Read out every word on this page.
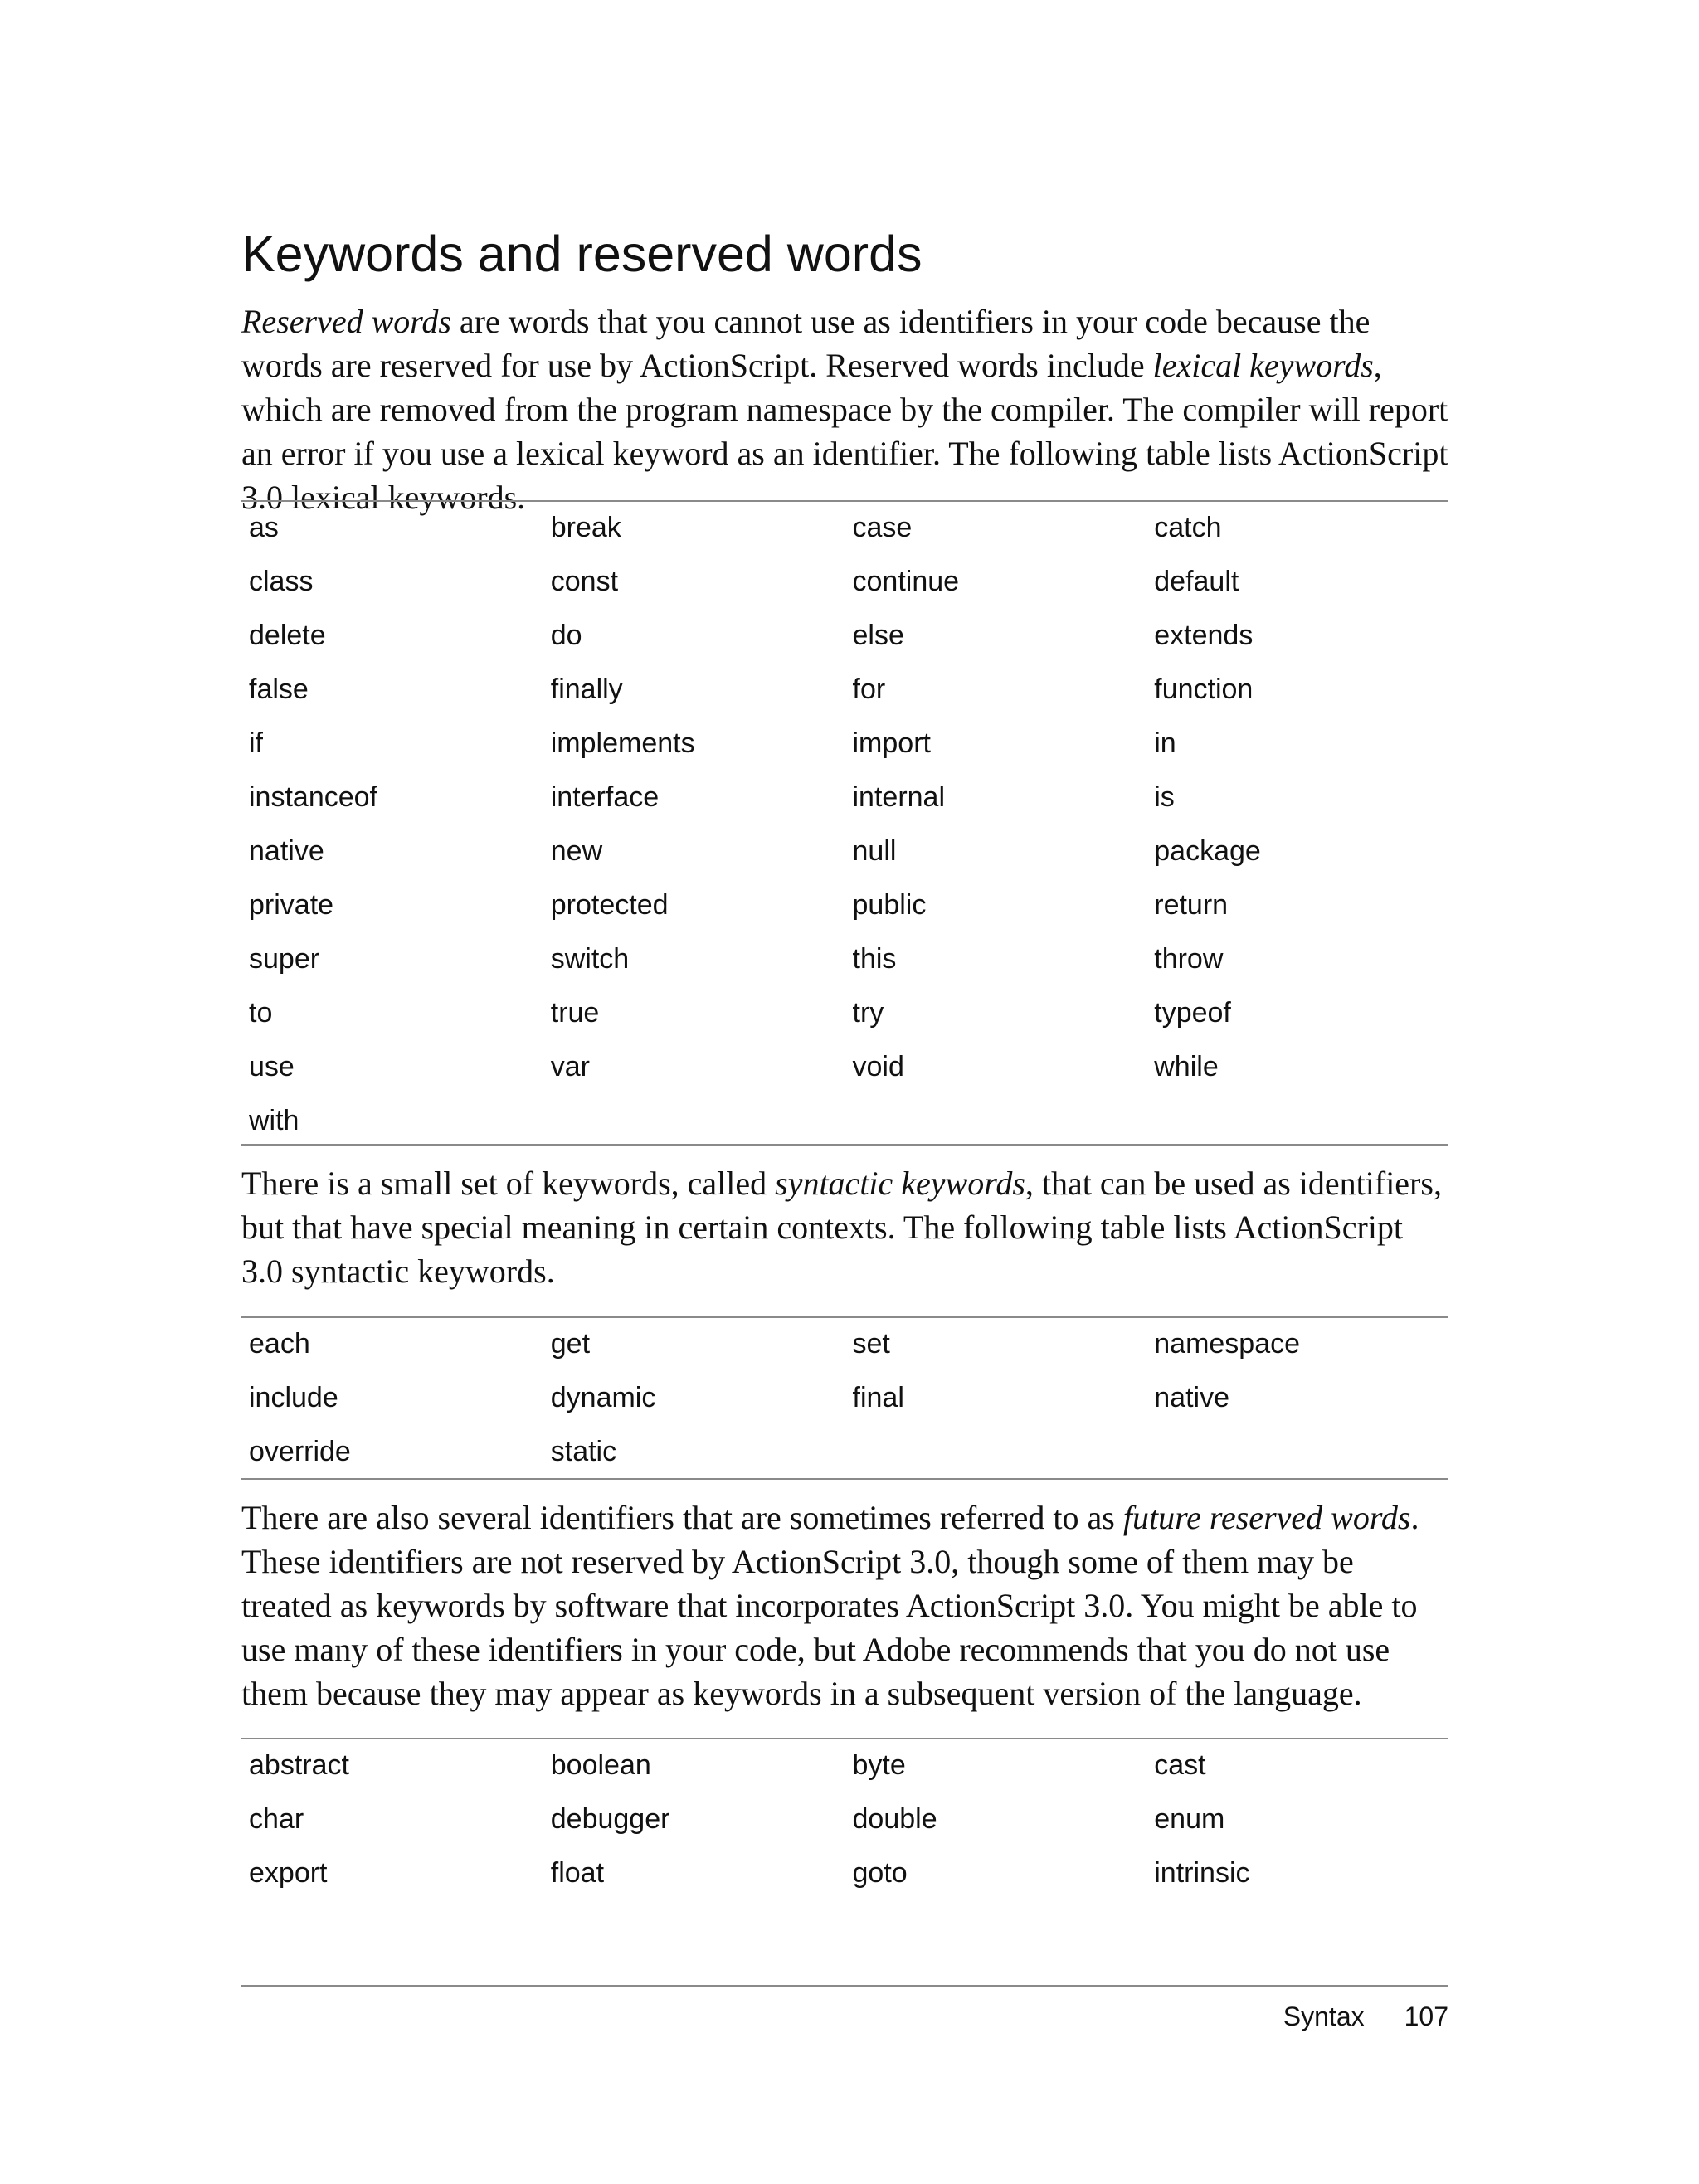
Keywords and reserved words

Reserved words are words that you cannot use as identifiers in your code because the words are reserved for use by ActionScript. Reserved words include lexical keywords, which are removed from the program namespace by the compiler. The compiler will report an error if you use a lexical keyword as an identifier. The following table lists ActionScript 3.0 lexical keywords.

as	break	case	catch
class	const	continue	default
delete	do	else	extends
false	finally	for	function
if	implements	import	in
instanceof	interface	internal	is
native	new	null	package
private	protected	public	return
super	switch	this	throw
to	true	try	typeof
use	var	void	while
with			

There is a small set of keywords, called syntactic keywords, that can be used as identifiers, but that have special meaning in certain contexts. The following table lists ActionScript 3.0 syntactic keywords.

each	get	set	namespace
include	dynamic	final	native
override	static		

There are also several identifiers that are sometimes referred to as future reserved words. These identifiers are not reserved by ActionScript 3.0, though some of them may be treated as keywords by software that incorporates ActionScript 3.0. You might be able to use many of these identifiers in your code, but Adobe recommends that you do not use them because they may appear as keywords in a subsequent version of the language.

abstract	boolean	byte	cast
char	debugger	double	enum
export	float	goto	intrinsic
Syntax 107
